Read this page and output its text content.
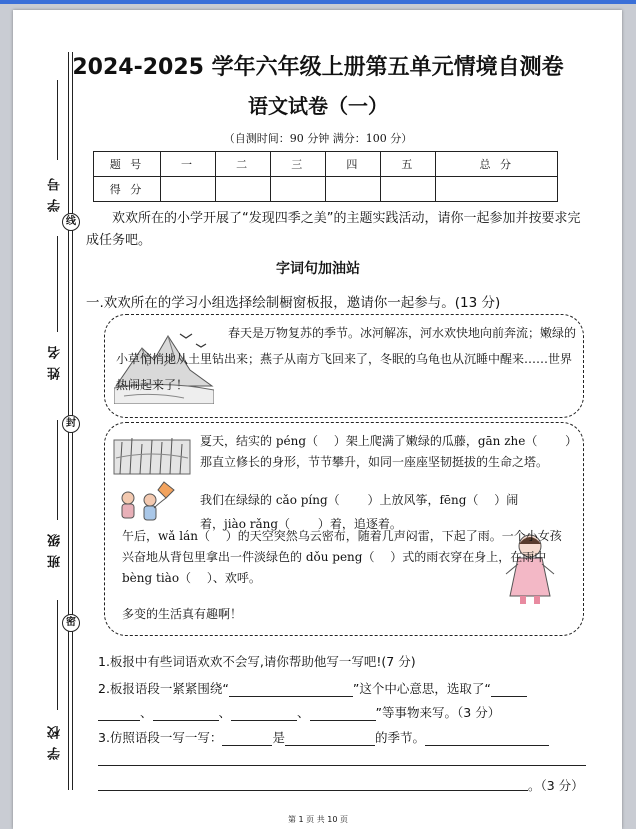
学号
姓名
班级
学校
线
封
密
2024-2025 学年六年级上册第五单元情境自测卷
语文试卷（一）
（自测时间：90 分钟 满分：100 分）
题 号	一	二	三	四	五	总 分
得 分						
欢欢所在的小学开展了“发现四季之美”的主题实践活动，请你一起参加并按要求完成任务吧。
字词句加油站
一.欢欢所在的学习小组选择绘制橱窗板报，邀请你一起参与。(13 分)
春天是万物复苏的季节。冰河解冻，河水欢快地向前奔流；嫩绿的小草悄悄地从土里钻出来；燕子从南方飞回来了，冬眠的乌龟也从沉睡中醒来……世界热闹起来了！
夏天，结实的 péng（　 ）架上爬满了嫩绿的瓜藤，gān zhe（　　 ）那直立修长的身形，节节攀升，如同一座座坚韧挺拔的生命之塔。
我们在绿绿的 cǎo píng（　　 ）上放风筝，fēng（　 ）闹着，jiào rǎng（　　 ）着，追逐着。
午后，wǎ lán（　 ）的天空突然乌云密布，随着几声闷雷，下起了雨。一个小女孩兴奋地从背包里拿出一件淡绿色的 dǒu peng（　 ）式的雨衣穿在身上，在雨中 bèng tiào（　 ）、欢呼。
多变的生活真有趣啊！
1.板报中有些词语欢欢不会写,请你帮助他写一写吧!(7 分)
2.板报语段一紧紧围绕“	”这个中心意思，选取了“
、	、	、	”等事物来写。（3 分）
3.仿照语段一写一写：	是	的季节。
。（3 分）
第 1 页 共 10 页
